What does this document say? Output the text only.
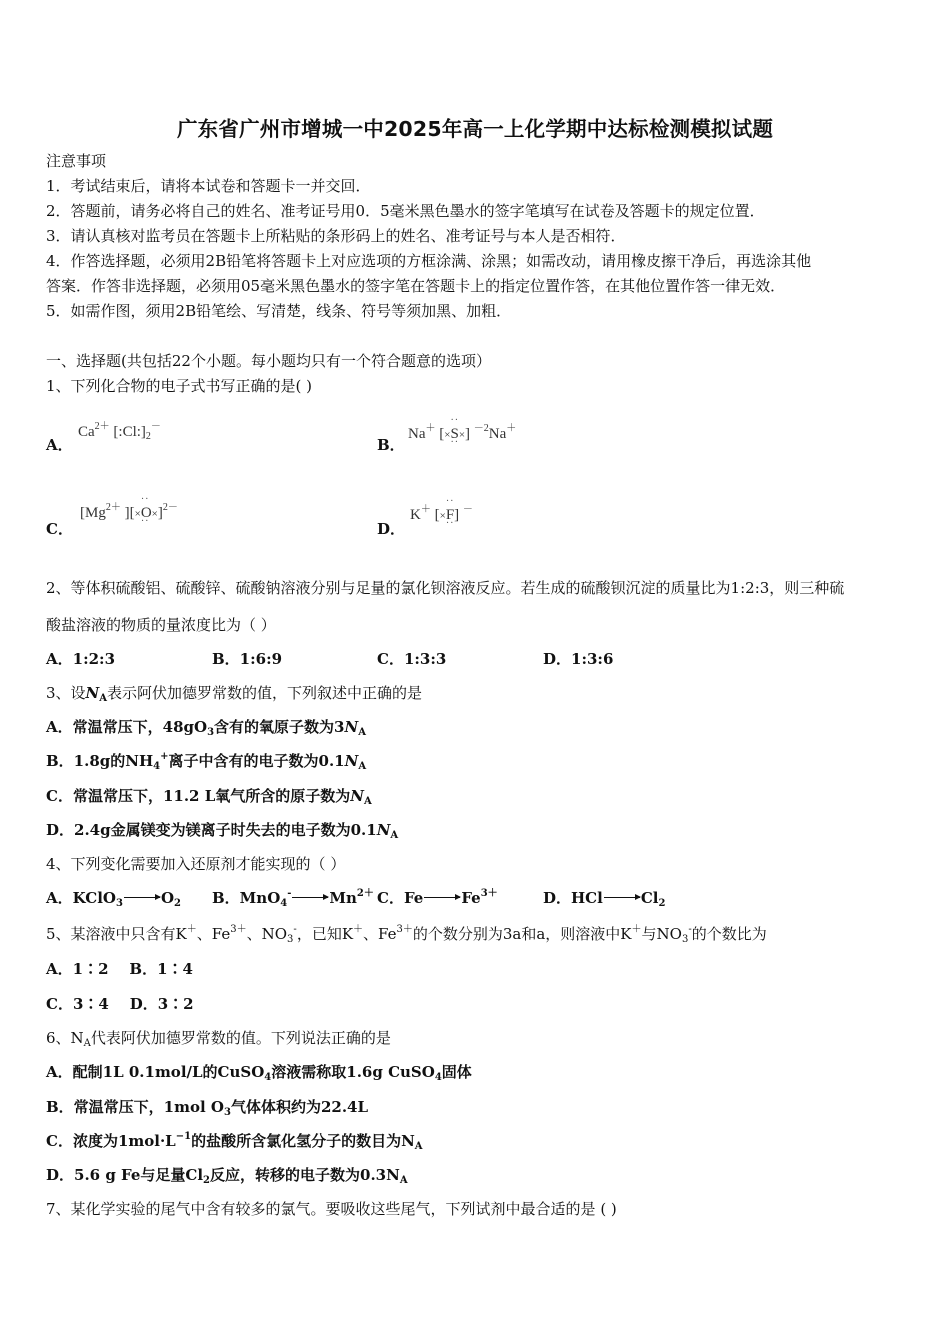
广东省广州市增城一中2025年高一上化学期中达标检测模拟试题
注意事项
1．考试结束后，请将本试卷和答题卡一并交回．
2．答题前，请务必将自己的姓名、准考证号用0．5毫米黑色墨水的签字笔填写在试卷及答题卡的规定位置．
3．请认真核对监考员在答题卡上所粘贴的条形码上的姓名、准考证号与本人是否相符．
4．作答选择题，必须用2B铅笔将答题卡上对应选项的方框涂满、涂黑；如需改动，请用橡皮擦干净后，再选涂其他
答案．作答非选择题，必须用05毫米黑色墨水的签字笔在答题卡上的指定位置作答，在其他位置作答一律无效．
5．如需作图，须用2B铅笔绘、写清楚，线条、符号等须加黑、加粗．
一、选择题(共包括22个小题。每小题均只有一个符合题意的选项）
1、下列化合物的电子式书写正确的是( )
A．
$Ca^{2+}$ $[:Cl:]_2^-$
B．
Na＋ [×·· S ··×] $^{-2}$Na＋
C．
[$Mg^{2+}$ ][×·· O ··×]$^{2-}$
D．
K＋ [×·· F ··] －
2、等体积硫酸铝、硫酸锌、硫酸钠溶液分别与足量的氯化钡溶液反应。若生成的硫酸钡沉淀的质量比为1:2:3，则三种硫
酸盐溶液的物质的量浓度比为（ ）
A．1:2:3	B．1:6:9	C．1:3:3	D．1:3:6
3、设$N_A$表示阿伏加德罗常数的值，下列叙述中正确的是
A．常温常压下，$48gO_3$含有的氧原子数为$3N_A$
B．1.8g的$NH_4^+$离子中含有的电子数为$0.1N_A$
C．常温常压下，11.2 L氧气所含的原子数为$N_A$
D．2.4g金属镁变为镁离子时失去的电子数为$0.1N_A$
4、下列变化需要加入还原剂才能实现的（ ）
A．KClO$_3$ $\to O_2$ B．$MnO_4^-\to Mn^{2+}$ C．$Fe\to Fe^{3+}$	D．$HCl\to Cl_2$
5、某溶液中只含有K＋、$Fe^{3+}$、$NO_3^-$，已知K＋、$Fe^{3+}$的个数分别为3a和a，则溶液中K＋与$NO_3^-$的个数比为
A．1∶2    B．1∶4
C．3∶4    D．3∶2
6、$N_A$代表阿伏加德罗常数的值。下列说法正确的是
A．配制1L 0.1mol/L的CuSO$_4$溶液需称取1.6g CuSO$_4$固体
B．常温常压下，1mol $O_3$气体体积约为22.4L
C．浓度为$1mol\cdot L^{-1}$的盐酸所含氯化氢分子的数目为$N_A$
D．5.6 g Fe与足量$Cl_2$反应，转移的电子数为$0.3N_A$
7、某化学实验的尾气中含有较多的氯气。要吸收这些尾气，下列试剂中最合适的是 ( )
